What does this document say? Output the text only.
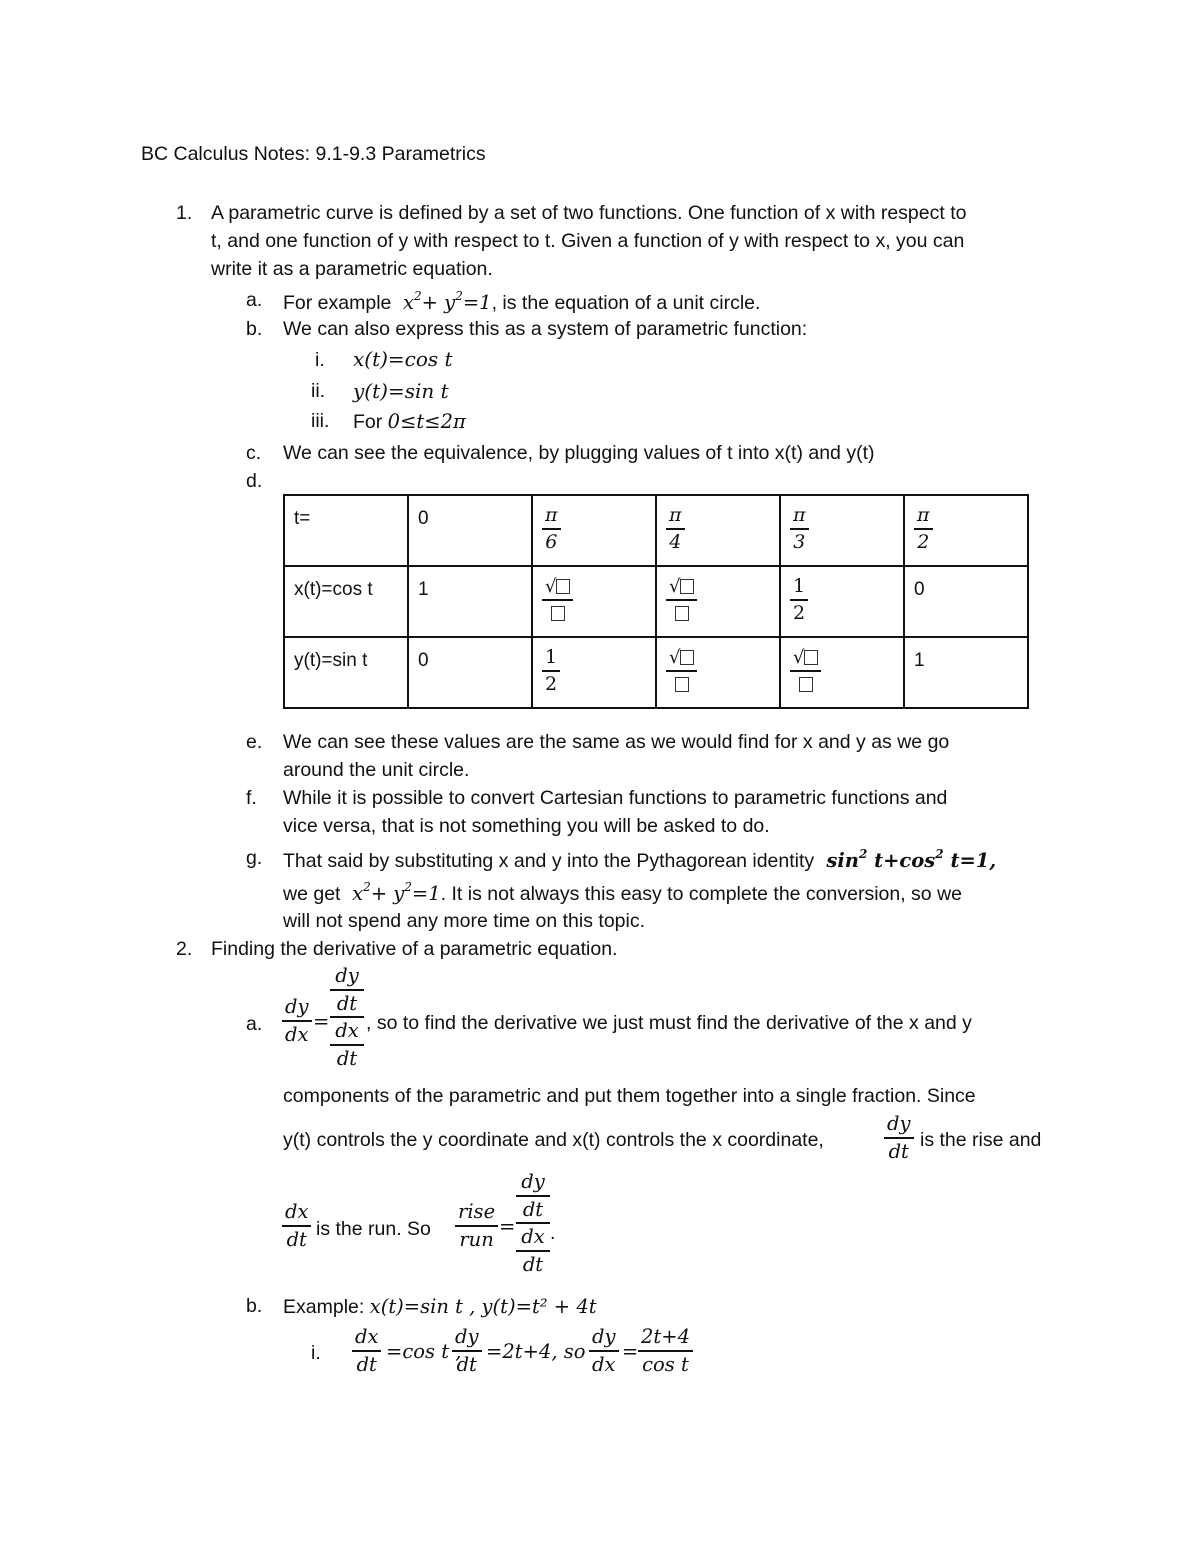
BC Calculus Notes: 9.1-9.3 Parametrics
1. A parametric curve is defined by a set of two functions. One function of x with respect to
t, and one function of y with respect to t. Given a function of y with respect to x, you can
write it as a parametric equation.
a. For example  $x^2+ y^2=1$, is the equation of a unit circle.
b. We can also express this as a system of parametric function:
i. x(t)=cos t
ii. y(t)=sin t
iii. For 0≤t≤2π
c. We can see the equivalence, by plugging values of t into x(t) and y(t)
d.
t=	0	$\frac{\pi}{6}$	$\frac{\pi}{4}$	$\frac{\pi}{3}$	$\frac{\pi}{2}$

x(t)=cos t	1	√	√	$\frac{1}{2}$	0
y(t)=sin t	0	$\frac{1}{2}$	√	√	1
e. We can see these values are the same as we would find for x and y as we go
around the unit circle.
f. While it is possible to convert Cartesian functions to parametric functions and
vice versa, that is not something you will be asked to do.
g. That said by substituting x and y into the Pythagorean identity  $\sin^2 t+\cos^2$ t=1,
we get  $x^2+ y^2=1$. It is not always this easy to complete the conversion, so we
will not spend any more time on this topic.
2. Finding the derivative of a parametric equation.
a. $\frac{dy}{dx}$ =
dy
dt
dx
dt
, so to find the derivative we just must find the derivative of the x and y
components of the parametric and put them together into a single fraction. Since
y(t) controls the y coordinate and x(t) controls the x coordinate,	$\frac{dy}{dt}$ is the rise and
$\frac{dx}{dt}$ is the run. So
rise
run
=
dy
dt
dx
dt
.
b. Example: x(t)=sin t , y(t)=t² + 4t
i. $\frac{dx}{dt} =\cos$ t ,
$\frac{dy}{dt} =2t+4$, so $\frac{dy}{dx} = \frac{2t+4}{\text{cos t}}$
